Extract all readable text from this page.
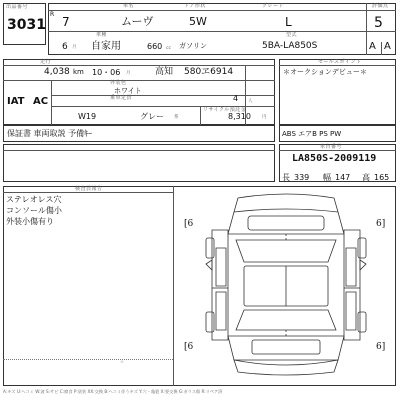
出品番号
3031
車名	ドア形状	グレード	評価点
R
7	ムーヴ	5W	L	5
車種	型式
6 月 自家用	660 cc ガソリン	5BA-LA850S	A A
走行
4,038 km 10・06 月	高知 580ヱ6914
外装色
ホワイト
IAT AC	乗車定員	4 人
W19	グレー 系
リサイクル預託金
8,310 円
保証書 車両取説 予備ｷｰ
セールスポイント
＊オークションデビュー＊
ABS エアB PS PW
車台番号
LA850S-2009119
長 339 幅 147 高 165
検査員報告
ステレオレス穴
コンソール傷小
外装小傷有り
☆
[6	6]
[6	6]
A:キズ U:ヘコミ W:波 S:サビ C:腐食 P:塗装 XX:交換 B:ヘコミ伴うキズ Y:穴・亀裂 X:要交換 G:ガラス傷 R:リペア済
